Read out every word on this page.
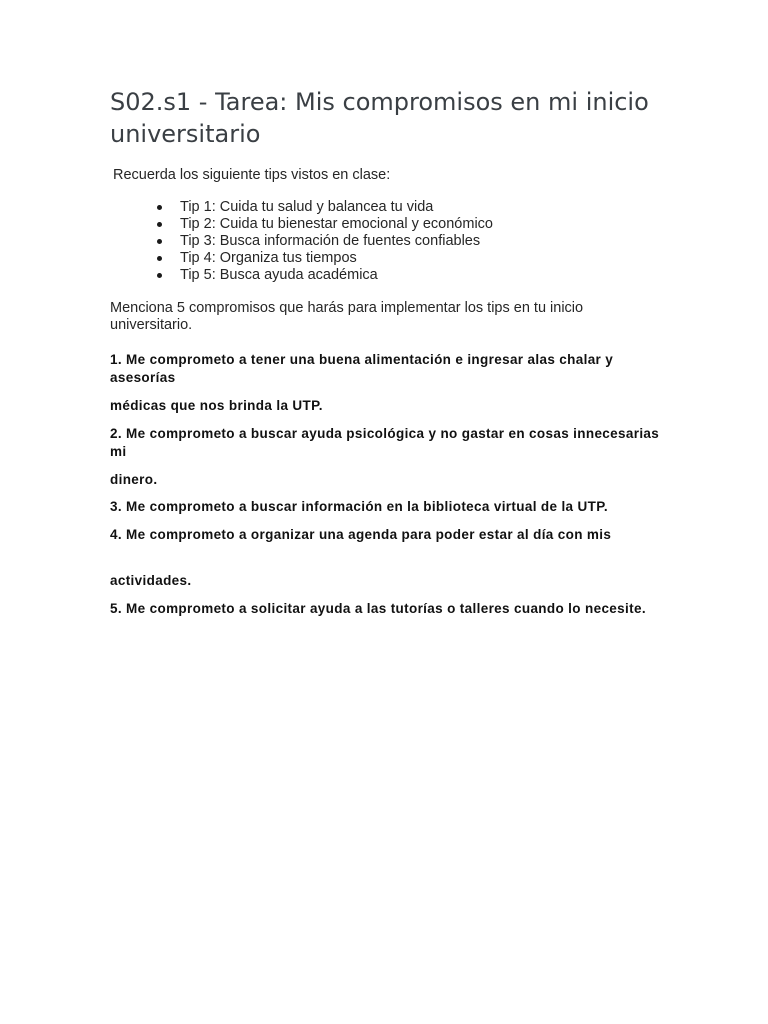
S02.s1 - Tarea: Mis compromisos en mi inicio universitario

Recuerda los siguiente tips vistos en clase:

Tip 1: Cuida tu salud y balancea tu vida
Tip 2: Cuida tu bienestar emocional y económico
Tip 3: Busca información de fuentes confiables
Tip 4: Organiza tus tiempos
Tip 5: Busca ayuda académica

Menciona 5 compromisos que harás para implementar los tips en tu inicio universitario.

1. Me comprometo a tener una buena alimentación e ingresar alas chalar y asesorías

médicas que nos brinda la UTP.

2. Me comprometo a buscar ayuda psicológica y no gastar en cosas innecesarias mi

dinero.

3. Me comprometo a buscar información en la biblioteca virtual de la UTP.

4. Me comprometo a organizar una agenda para poder estar al día con mis

actividades.

5. Me comprometo a solicitar ayuda a las tutorías o talleres cuando lo necesite.
